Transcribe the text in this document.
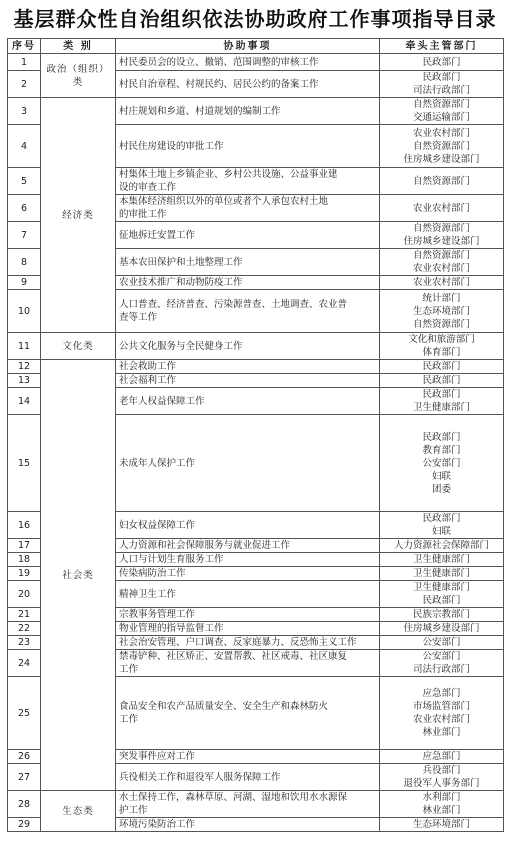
基层群众性自治组织依法协助政府工作事项指导目录
序号	类 别	协助事项	牵头主管部门
1	政治（组织）类	村民委员会的设立、撤销、范围调整的审核工作	民政部门

2		村民自治章程、村规民约、居民公约的备案工作	民政部门
司法行政部门

3	经济类	村庄规划和乡道、村道规划的编制工作	自然资源部门
交通运输部门

4		村民住房建设的审批工作	农业农村部门
自然资源部门
住房城乡建设部门

5		村集体土地上乡镇企业、乡村公共设施、公益事业建
设的审查工作	自然资源部门

6		本集体经济组织以外的单位或者个人承包农村土地
的审批工作	农业农村部门

7		征地拆迁安置工作	自然资源部门
住房城乡建设部门

8		基本农田保护和土地整理工作	自然资源部门
农业农村部门

9		农业技术推广和动物防疫工作	农业农村部门

10		人口普查、经济普查、污染源普查、土地调查、农业普
查等工作	统计部门
生态环境部门
自然资源部门

11	文化类	公共文化服务与全民健身工作	文化和旅游部门
体育部门

12	社会类	社会救助工作	民政部门

13		社会福利工作	民政部门

14		老年人权益保障工作	民政部门
卫生健康部门

15		未成年人保护工作	民政部门
教育部门
公安部门
妇联
团委

16		妇女权益保障工作	民政部门
妇联

17		人力资源和社会保障服务与就业促进工作	人力资源社会保障部门

18		人口与计划生育服务工作	卫生健康部门

19		传染病防治工作	卫生健康部门

20		精神卫生工作	卫生健康部门
民政部门

21		宗教事务管理工作	民族宗教部门

22		物业管理的指导监督工作	住房城乡建设部门

23		社会治安管理、户口调查、反家庭暴力、反恐怖主义工作	公安部门

24		禁毒铲种、社区矫正、安置帮教、社区戒毒、社区康复
工作	公安部门
司法行政部门

25		食品安全和农产品质量安全、安全生产和森林防火
工作	应急部门
市场监管部门
农业农村部门
林业部门

26		突发事件应对工作	应急部门

27		兵役相关工作和退役军人服务保障工作	兵役部门
退役军人事务部门

28	生态类	水土保持工作，森林草原、河湖、湿地和饮用水水源保
护工作	水利部门
林业部门

29		环境污染防治工作	生态环境部门
